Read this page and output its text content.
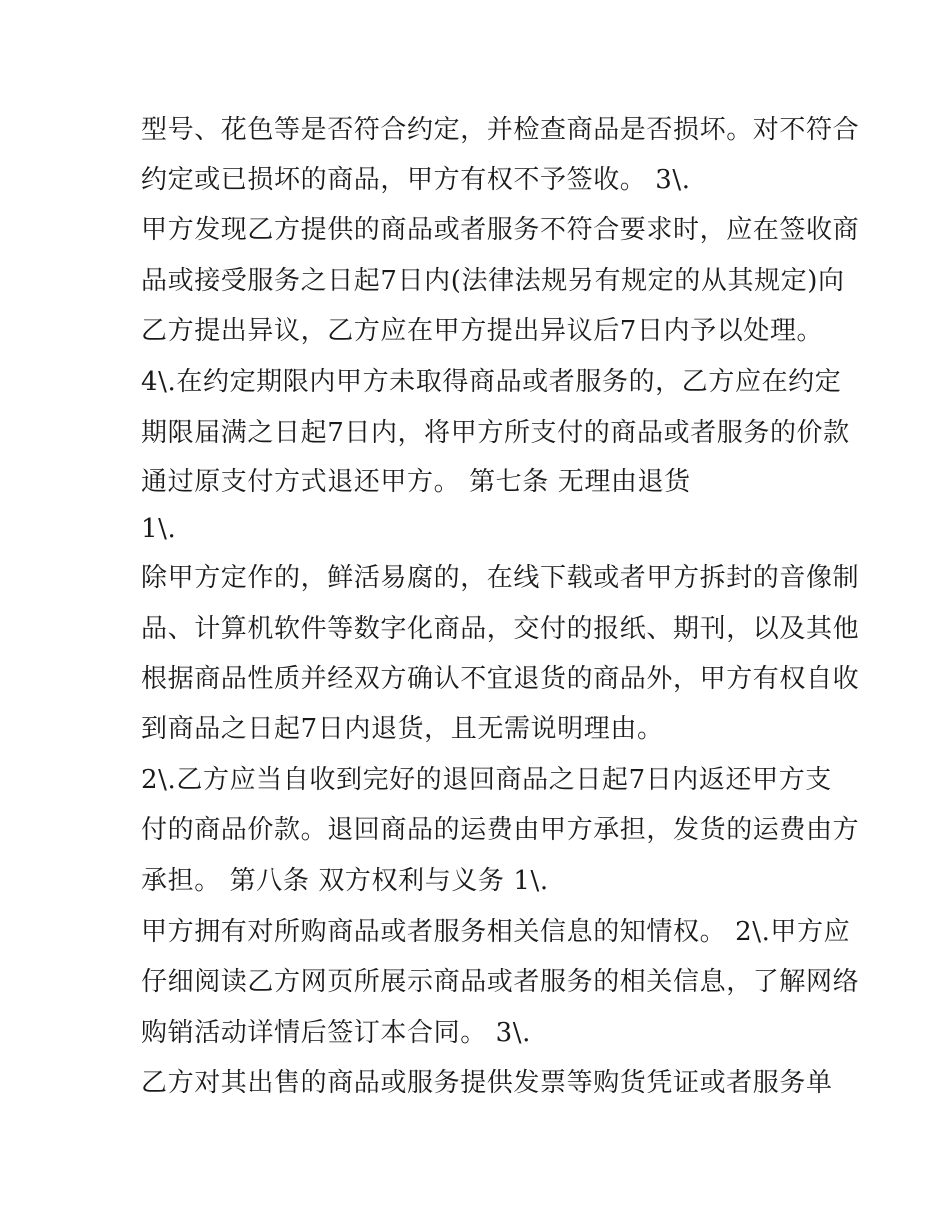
型号、花色等是否符合约定，并检查商品是否损坏。对不符合
约定或已损坏的商品，甲方有权不予签收。 3\.
甲方发现乙方提供的商品或者服务不符合要求时，应在签收商
品或接受服务之日起7日内(法律法规另有规定的从其规定)向
乙方提出异议，乙方应在甲方提出异议后7日内予以处理。
4\.在约定期限内甲方未取得商品或者服务的，乙方应在约定
期限届满之日起7日内，将甲方所支付的商品或者服务的价款
通过原支付方式退还甲方。 第七条 无理由退货
1\.
除甲方定作的，鲜活易腐的，在线下载或者甲方拆封的音像制
品、计算机软件等数字化商品，交付的报纸、期刊，以及其他
根据商品性质并经双方确认不宜退货的商品外，甲方有权自收
到商品之日起7日内退货，且无需说明理由。
2\.乙方应当自收到完好的退回商品之日起7日内返还甲方支
付的商品价款。退回商品的运费由甲方承担，发货的运费由方
承担。 第八条 双方权利与义务 1\.
甲方拥有对所购商品或者服务相关信息的知情权。 2\.甲方应
仔细阅读乙方网页所展示商品或者服务的相关信息，了解网络
购销活动详情后签订本合同。 3\.
乙方对其出售的商品或服务提供发票等购货凭证或者服务单
